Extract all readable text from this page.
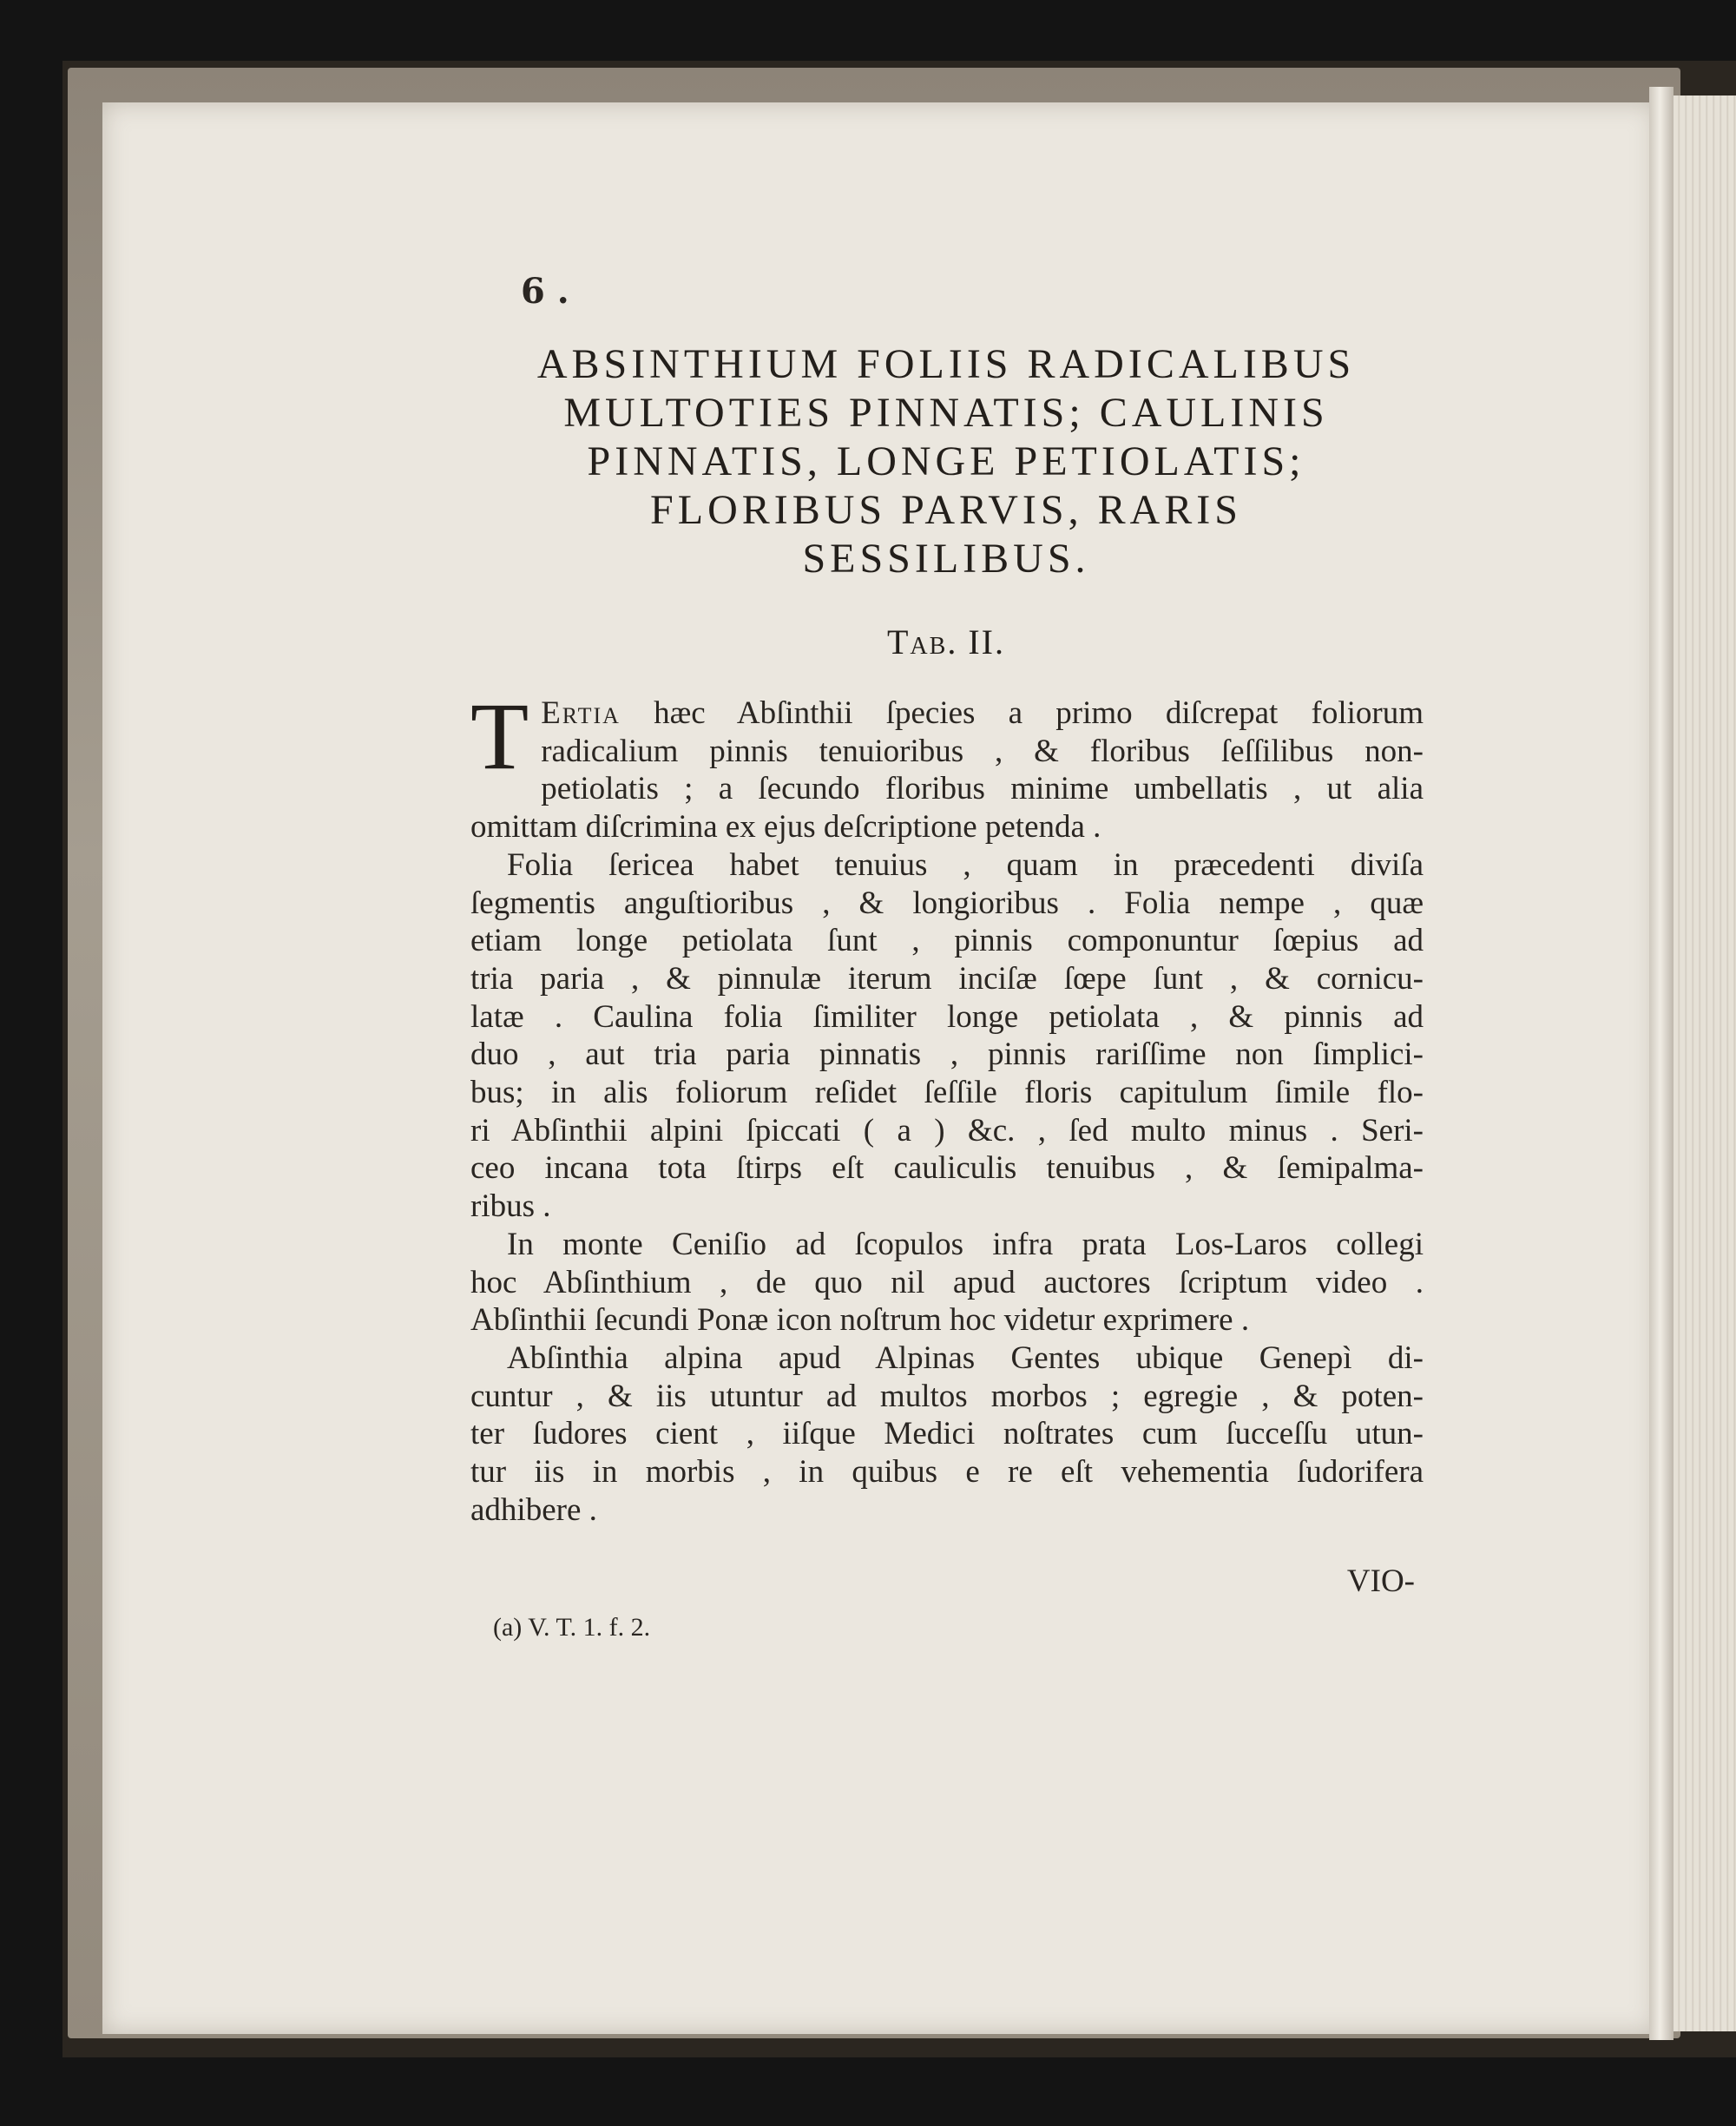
6 .
ABSINTHIUM FOLIIS RADICALIBUS
MULTOTIES PINNATIS; CAULINIS
PINNATIS, LONGE PETIOLATIS;
FLORIBUS PARVIS, RARIS
SESSILIBUS.
Tab. II.
T Ertia hæc Abſinthii ſpecies a primo diſcrepat foliorum
radicalium pinnis tenuioribus , & floribus ſeſſilibus non-
petiolatis ; a ſecundo floribus minime umbellatis , ut alia
omittam diſcrimina ex ejus deſcriptione petenda .
Folia ſericea habet tenuius , quam in præcedenti diviſa
ſegmentis anguſtioribus , & longioribus . Folia nempe , quæ
etiam longe petiolata ſunt , pinnis componuntur ſœpius ad
tria paria , & pinnulæ iterum inciſæ ſœpe ſunt , & cornicu-
latæ . Caulina folia ſimiliter longe petiolata , & pinnis ad
duo , aut tria paria pinnatis , pinnis rariſſime non ſimplici-
bus; in alis foliorum reſidet ſeſſile floris capitulum ſimile flo-
ri Abſinthii alpini ſpiccati ( a ) &c. , ſed multo minus . Seri-
ceo incana tota ſtirps eſt cauliculis tenuibus , & ſemipalma-
ribus .
In monte Ceniſio ad ſcopulos infra prata Los-Laros collegi
hoc Abſinthium , de quo nil apud auctores ſcriptum video .
Abſinthii ſecundi Ponæ icon noſtrum hoc videtur exprimere .
Abſinthia alpina apud Alpinas Gentes ubique Genepì di-
cuntur , & iis utuntur ad multos morbos ; egregie , & poten-
ter ſudores cient , iiſque Medici noſtrates cum ſucceſſu utun-
tur iis in morbis , in quibus e re eſt vehementia ſudorifera
adhibere .
VIO-
(a) V. T. 1. f. 2.
